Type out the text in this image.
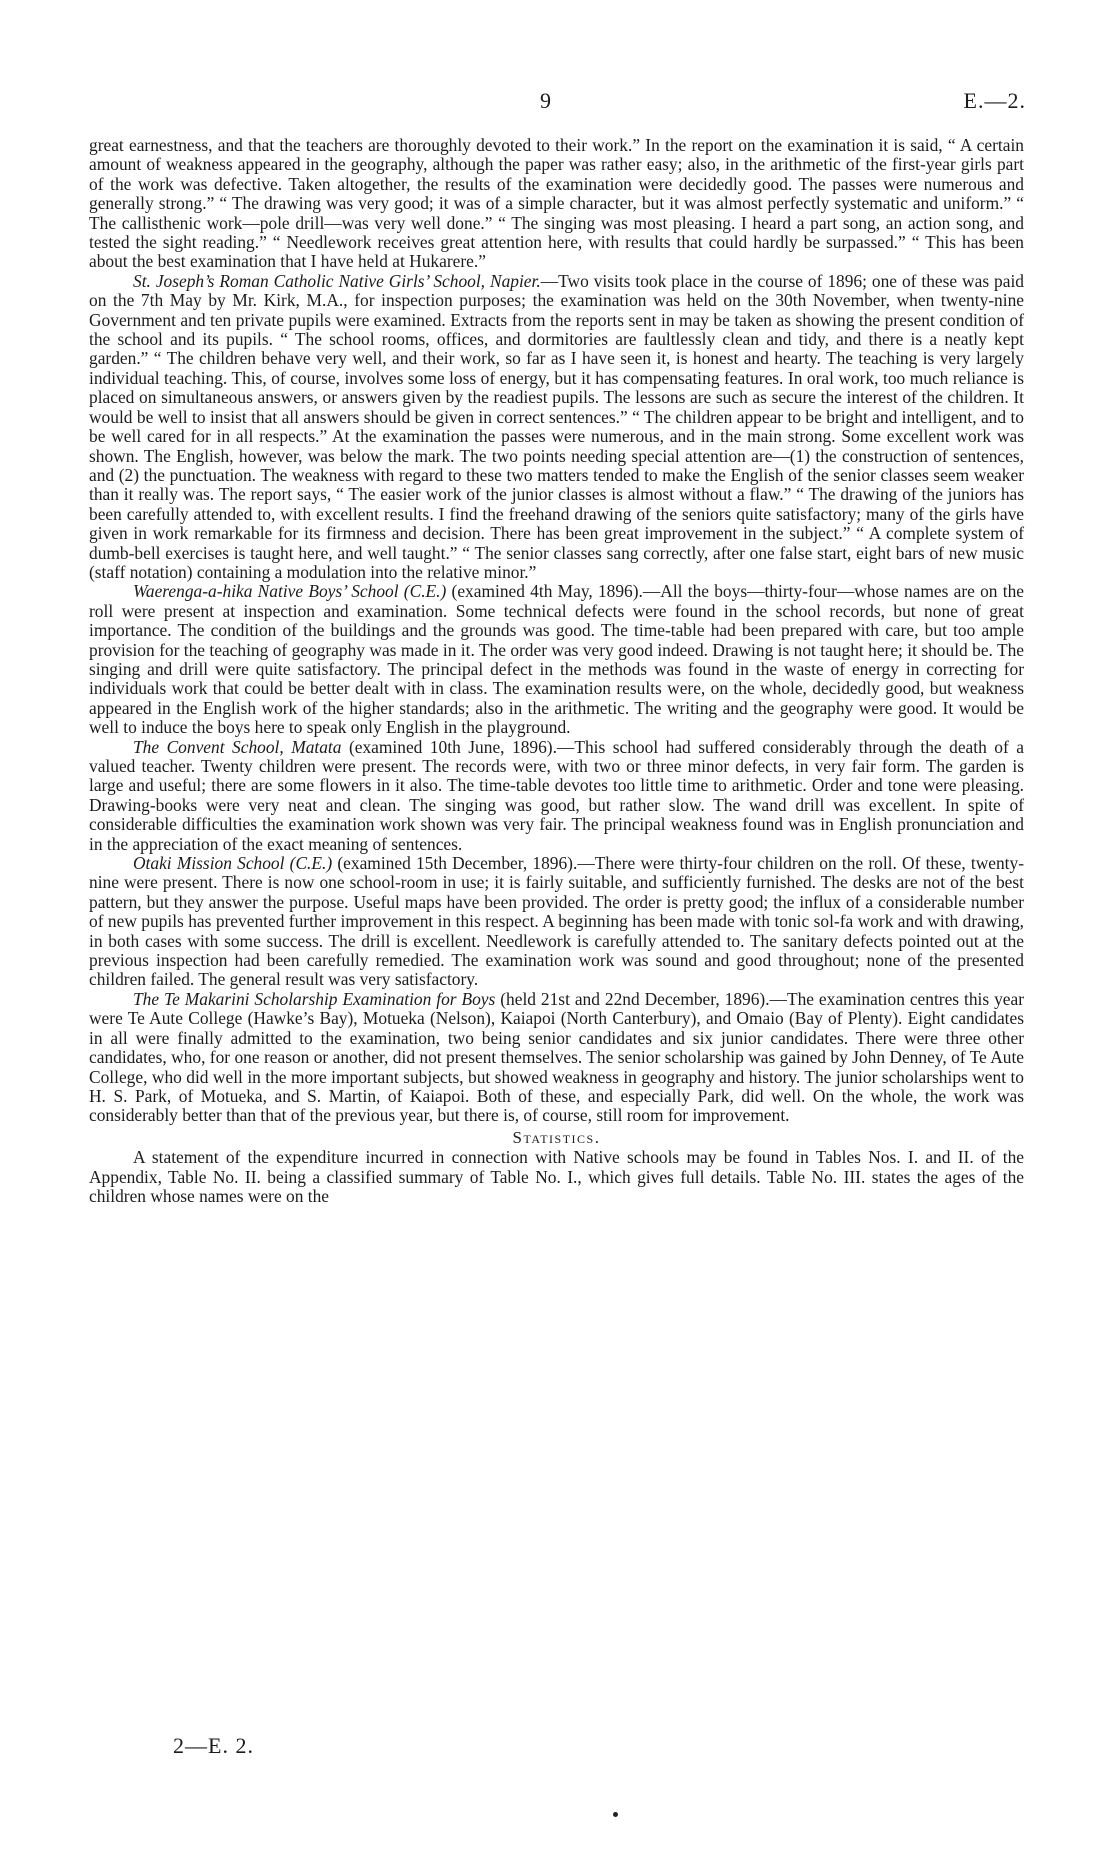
9	E.—2.

great earnestness, and that the teachers are thoroughly devoted to their work.” In the report on the examination it is said, “ A certain amount of weakness appeared in the geography, although the paper was rather easy; also, in the arithmetic of the first-year girls part of the work was defective. Taken altogether, the results of the examination were decidedly good. The passes were numerous and generally strong.” “ The drawing was very good; it was of a simple character, but it was almost perfectly systematic and uniform.” “ The callisthenic work—pole drill—was very well done.” “ The singing was most pleasing. I heard a part song, an action song, and tested the sight reading.” “ Needlework receives great attention here, with results that could hardly be surpassed.” “ This has been about the best examination that I have held at Hukarere.”

St. Joseph’s Roman Catholic Native Girls’ School, Napier.—Two visits took place in the course of 1896; one of these was paid on the 7th May by Mr. Kirk, M.A., for inspection purposes; the examination was held on the 30th November, when twenty-nine Government and ten private pupils were examined. Extracts from the reports sent in may be taken as showing the present condition of the school and its pupils. “ The school rooms, offices, and dormitories are faultlessly clean and tidy, and there is a neatly kept garden.” “ The children behave very well, and their work, so far as I have seen it, is honest and hearty. The teaching is very largely individual teaching. This, of course, involves some loss of energy, but it has compensating features. In oral work, too much reliance is placed on simultaneous answers, or answers given by the readiest pupils. The lessons are such as secure the interest of the children. It would be well to insist that all answers should be given in correct sentences.” “ The children appear to be bright and intelligent, and to be well cared for in all respects.” At the examination the passes were numerous, and in the main strong. Some excellent work was shown. The English, however, was below the mark. The two points needing special attention are—(1) the construction of sentences, and (2) the punctuation. The weakness with regard to these two matters tended to make the English of the senior classes seem weaker than it really was. The report says, “ The easier work of the junior classes is almost without a flaw.” “ The drawing of the juniors has been carefully attended to, with excellent results. I find the freehand drawing of the seniors quite satisfactory; many of the girls have given in work remarkable for its firmness and decision. There has been great improvement in the subject.” “ A complete system of dumb-bell exercises is taught here, and well taught.” “ The senior classes sang correctly, after one false start, eight bars of new music (staff notation) containing a modulation into the relative minor.”

Waerenga-a-hika Native Boys’ School (C.E.) (examined 4th May, 1896).—All the boys—thirty-four—whose names are on the roll were present at inspection and examination. Some technical defects were found in the school records, but none of great importance. The condition of the buildings and the grounds was good. The time-table had been prepared with care, but too ample provision for the teaching of geography was made in it. The order was very good indeed. Drawing is not taught here; it should be. The singing and drill were quite satisfactory. The principal defect in the methods was found in the waste of energy in correcting for individuals work that could be better dealt with in class. The examination results were, on the whole, decidedly good, but weakness appeared in the English work of the higher standards; also in the arithmetic. The writing and the geography were good. It would be well to induce the boys here to speak only English in the playground.

The Convent School, Matata (examined 10th June, 1896).—This school had suffered considerably through the death of a valued teacher. Twenty children were present. The records were, with two or three minor defects, in very fair form. The garden is large and useful; there are some flowers in it also. The time-table devotes too little time to arithmetic. Order and tone were pleasing. Drawing-books were very neat and clean. The singing was good, but rather slow. The wand drill was excellent. In spite of considerable difficulties the examination work shown was very fair. The principal weakness found was in English pronunciation and in the appreciation of the exact meaning of sentences.

Otaki Mission School (C.E.) (examined 15th December, 1896).—There were thirty-four children on the roll. Of these, twenty-nine were present. There is now one school-room in use; it is fairly suitable, and sufficiently furnished. The desks are not of the best pattern, but they answer the purpose. Useful maps have been provided. The order is pretty good; the influx of a considerable number of new pupils has prevented further improvement in this respect. A beginning has been made with tonic sol-fa work and with drawing, in both cases with some success. The drill is excellent. Needlework is carefully attended to. The sanitary defects pointed out at the previous inspection had been carefully remedied. The examination work was sound and good throughout; none of the presented children failed. The general result was very satisfactory.

The Te Makarini Scholarship Examination for Boys (held 21st and 22nd December, 1896).—The examination centres this year were Te Aute College (Hawke’s Bay), Motueka (Nelson), Kaiapoi (North Canterbury), and Omaio (Bay of Plenty). Eight candidates in all were finally admitted to the examination, two being senior candidates and six junior candidates. There were three other candidates, who, for one reason or another, did not present themselves. The senior scholarship was gained by John Denney, of Te Aute College, who did well in the more important subjects, but showed weakness in geography and history. The junior scholarships went to H. S. Park, of Motueka, and S. Martin, of Kaiapoi. Both of these, and especially Park, did well. On the whole, the work was considerably better than that of the previous year, but there is, of course, still room for improvement.

Statistics.

A statement of the expenditure incurred in connection with Native schools may be found in Tables Nos. I. and II. of the Appendix, Table No. II. being a classified summary of Table No. I., which gives full details. Table No. III. states the ages of the children whose names were on the

2—E. 2.
